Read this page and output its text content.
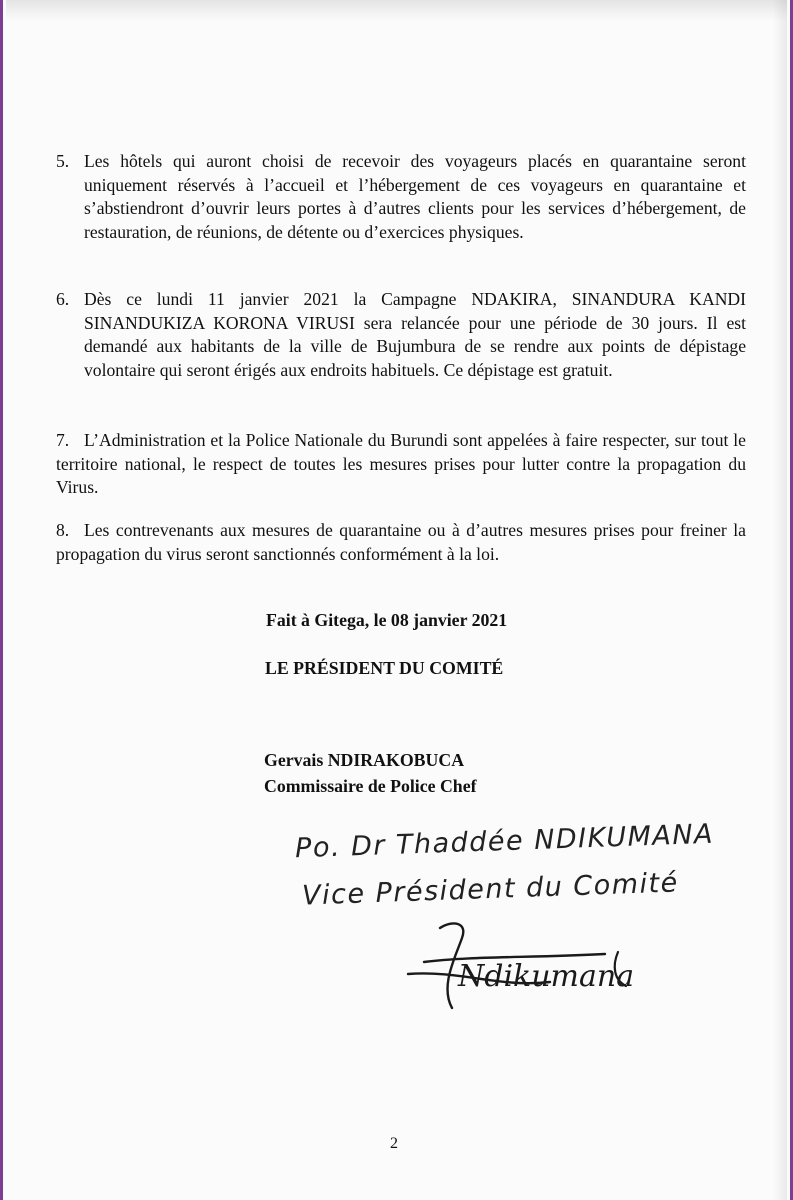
5. Les hôtels qui auront choisi de recevoir des voyageurs placés en quarantaine seront uniquement réservés à l’accueil et l’hébergement de ces voyageurs en quarantaine et s’abstiendront d’ouvrir leurs portes à d’autres clients pour les services d’hébergement, de restauration, de réunions, de détente ou d’exercices physiques.
6. Dès ce lundi 11 janvier 2021 la Campagne NDAKIRA, SINANDURA KANDI SINANDUKIZA KORONA VIRUSI sera relancée pour une période de 30 jours. Il est demandé aux habitants de la ville de Bujumbura de se rendre aux points de dépistage volontaire qui seront érigés aux endroits habituels. Ce dépistage est gratuit.
7. L’Administration et la Police Nationale du Burundi sont appelées à faire respecter, sur tout le territoire national, le respect de toutes les mesures prises pour lutter contre la propagation du Virus.
8. Les contrevenants aux mesures de quarantaine ou à d’autres mesures prises pour freiner la propagation du virus seront sanctionnés conformément à la loi.
Fait à Gitega, le 08 janvier 2021
LE PRÉSIDENT DU COMITÉ
Gervais NDIRAKOBUCA
Commissaire de Police Chef
Po. Dr Thaddée NDIKUMANA
Vice Président du Comité
Ndikumana
2
